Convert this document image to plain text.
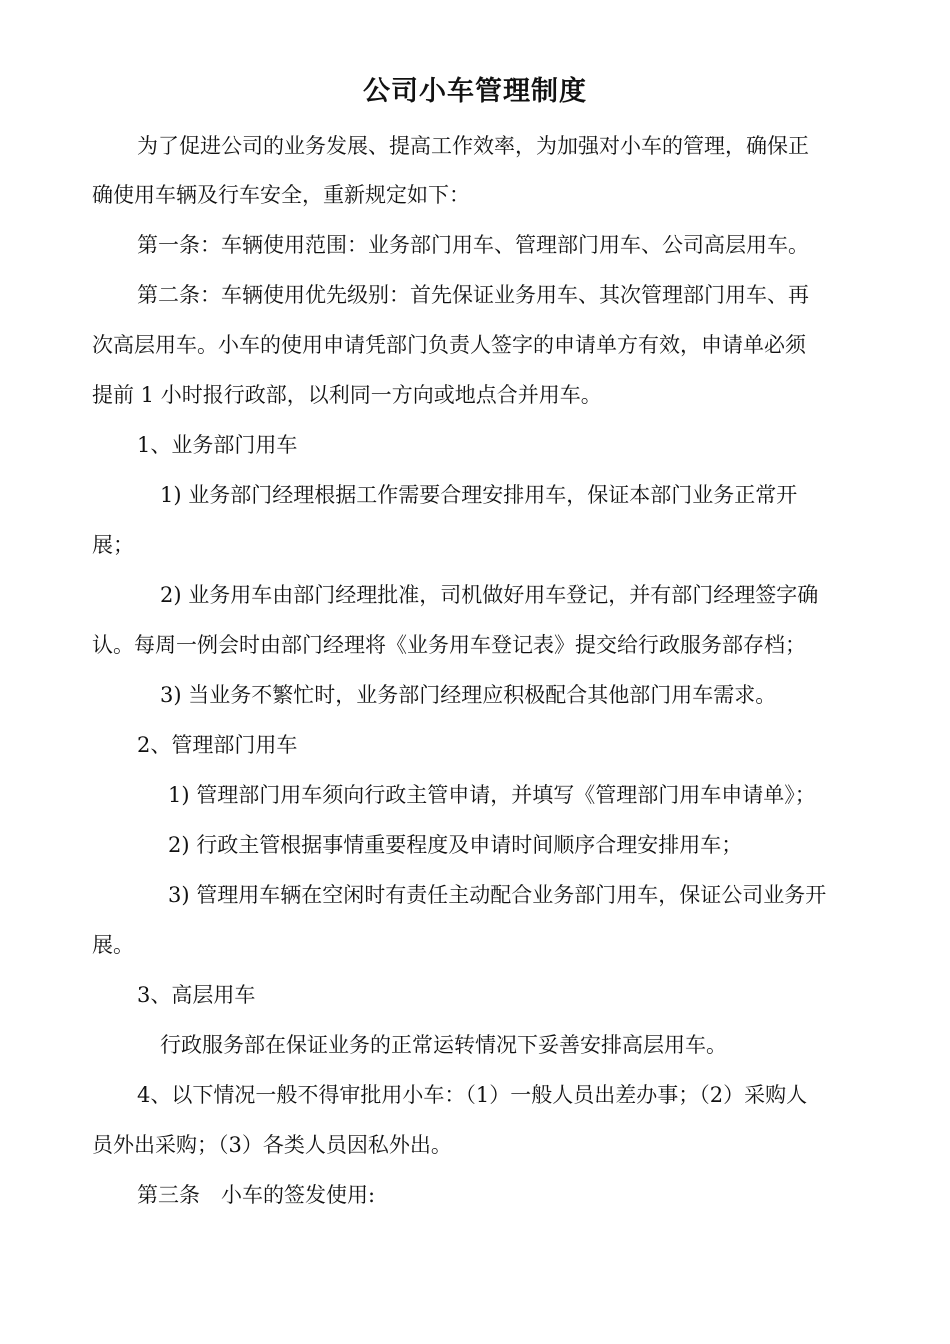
公司小车管理制度
为了促进公司的业务发展、提高工作效率，为加强对小车的管理，确保正
确使用车辆及行车安全，重新规定如下：
第一条：车辆使用范围：业务部门用车、管理部门用车、公司高层用车。
第二条：车辆使用优先级别：首先保证业务用车、其次管理部门用车、再
次高层用车。小车的使用申请凭部门负责人签字的申请单方有效，申请单必须
提前 1 小时报行政部，以利同一方向或地点合并用车。
1、业务部门用车
1) 业务部门经理根据工作需要合理安排用车，保证本部门业务正常开
展；
2) 业务用车由部门经理批准，司机做好用车登记，并有部门经理签字确
认。每周一例会时由部门经理将《业务用车登记表》提交给行政服务部存档；
3) 当业务不繁忙时，业务部门经理应积极配合其他部门用车需求。
2、管理部门用车
1) 管理部门用车须向行政主管申请，并填写《管理部门用车申请单》；
2) 行政主管根据事情重要程度及申请时间顺序合理安排用车；
3) 管理用车辆在空闲时有责任主动配合业务部门用车，保证公司业务开
展。
3、高层用车
行政服务部在保证业务的正常运转情况下妥善安排高层用车。
4、以下情况一般不得审批用小车：（1）一般人员出差办事；（2）采购人
员外出采购；（3）各类人员因私外出。
第三条　小车的签发使用:
